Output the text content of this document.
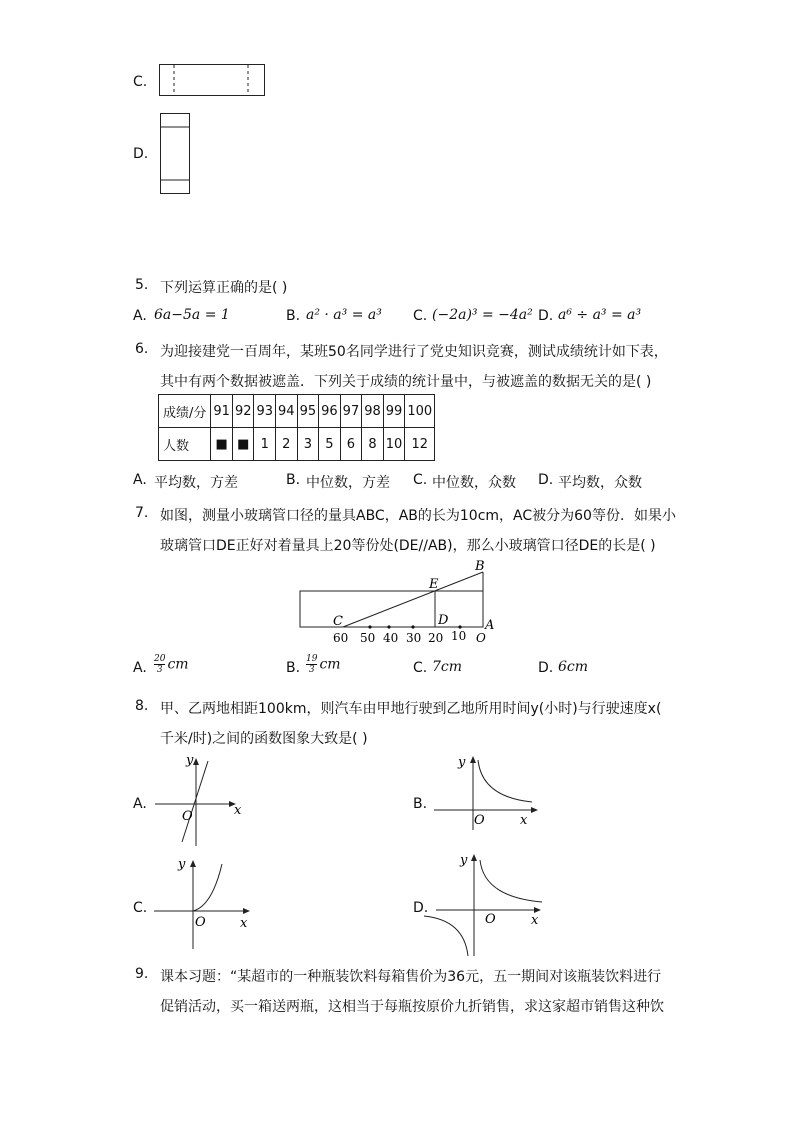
C.
D.
5. 下列运算正确的是( )
A. 6a−5a = 1	B. a² · a³ = a³ C. (−2a)³ = −4a² D. a⁶ ÷ a³ = a³
6. 为迎接建党一百周年，某班50名同学进行了党史知识竞赛，测试成绩统计如下表，
其中有两个数据被遮盖．下列关于成绩的统计量中，与被遮盖的数据无关的是( )
成绩/分	91	92	93	94	95	96	97	98	99	100
人数	■	■	1	2	3	5	6	8	10	12
A. 平均数，方差	B. 中位数，方差 C. 中位数，众数 D. 平均数，众数
7. 如图，测量小玻璃管口径的量具ABC，AB的长为10cm，AC被分为60等份．如果小
玻璃管口DE正好对着量具上20等份处(DE//AB)，那么小玻璃管口径DE的长是( )
B
E
C	D	A
60 50 40 30 20 10 O
A. $\frac{20}{3}$ cm	B. $\frac{19}{3}$ cm	C. 7cm	D. 6cm
8. 甲、乙两地相距100km，则汽车由甲地行驶到乙地所用时间y(小时)与行驶速度x(
千米/时)之间的函数图象大致是( )
A.
y
x
O
B.
y
x
O
C.
y
x
O
D.
y
x
O
9. 课本习题：“某超市的一种瓶装饮料每箱售价为36元，五一期间对该瓶装饮料进行
促销活动，买一箱送两瓶，这相当于每瓶按原价九折销售，求这家超市销售这种饮
